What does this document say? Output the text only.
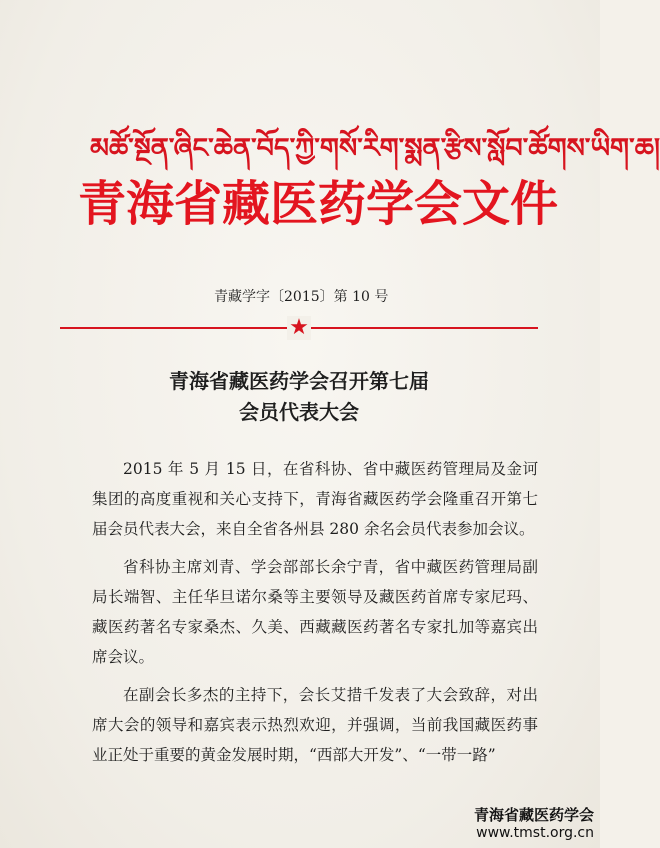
མཚོ་སྔོན་ཞིང་ཆེན་བོད་ཀྱི་གསོ་རིག་སྨན་རྩིས་སློབ་ཚོགས་ཡིག་ཆ།
青海省藏医药学会文件
青藏学字〔2015〕第 10 号
★
青海省藏医药学会召开第七届
会员代表大会

2015 年 5 月 15 日，在省科协、省中藏医药管理局及金诃集团的高度重视和关心支持下，青海省藏医药学会隆重召开第七届会员代表大会，来自全省各州县 280 余名会员代表参加会议。

省科协主席刘青、学会部部长余宁青，省中藏医药管理局副局长端智、主任华旦诺尔桑等主要领导及藏医药首席专家尼玛、藏医药著名专家桑杰、久美、西藏藏医药著名专家扎加等嘉宾出席会议。

在副会长多杰的主持下，会长艾措千发表了大会致辞，对出席大会的领导和嘉宾表示热烈欢迎，并强调，当前我国藏医药事业正处于重要的黄金发展时期，“西部大开发”、“一带一路”

青海省藏医药学会
www.tmst.org.cn
